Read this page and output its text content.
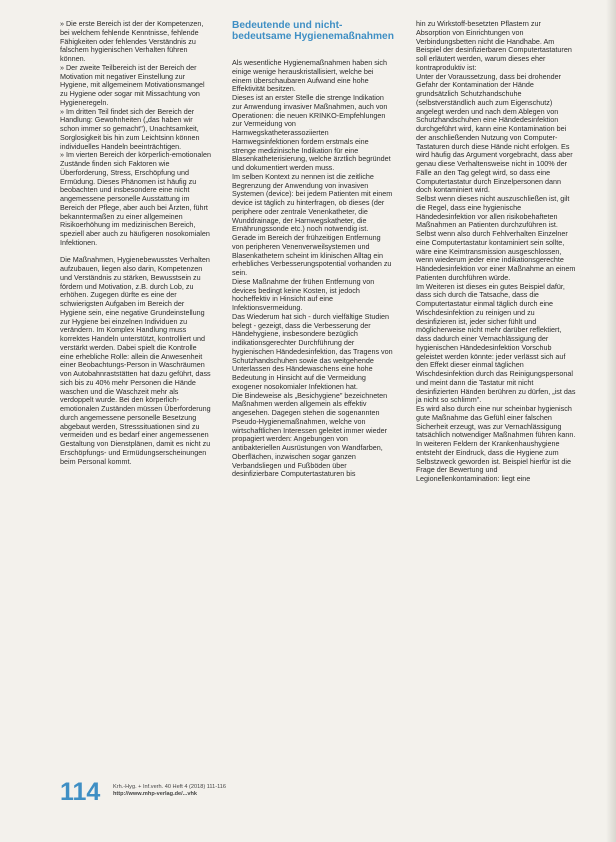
» Die erste Bereich ist der der Kompetenzen, bei welchem fehlende Kenntnisse, fehlende Fähigkeiten oder fehlendes Verständnis zu falschem hygienischen Verhalten führen können.

» Der zweite Teilbereich ist der Bereich der Motivation mit negativer Einstellung zur Hygiene, mit allgemeinem Motivationsmangel zu Hygiene oder sogar mit Missachtung von Hygieneregeln.

» Im dritten Teil findet sich der Bereich der Handlung: Gewohnheiten („das haben wir schon immer so gemacht"), Unachtsamkeit, Sorglosigkeit bis hin zum Leichtsinn können individuelles Handeln beeinträchtigen.

» Im vierten Bereich der körperlich-emotionalen Zustände finden sich Faktoren wie Überforderung, Stress, Erschöpfung und Ermüdung. Dieses Phänomen ist häufig zu beobachten und insbesondere eine nicht angemessene personelle Ausstattung im Bereich der Pflege, aber auch bei Ärzten, führt bekanntermaßen zu einer allgemeinen Risikoerhöhung im medizinischen Bereich, speziell aber auch zu häufigeren nosokomialen Infektionen.

Die Maßnahmen, Hygienebewusstes Verhalten aufzubauen, liegen also darin, Kompetenzen und Verständnis zu stärken, Bewusstsein zu fördern und Motivation, z.B. durch Lob, zu erhöhen. Zugegen dürfte es eine der schwierigsten Aufgaben im Bereich der Hygiene sein, eine negative Grundeinstellung zur Hygiene bei einzelnen Individuen zu verändern. Im Komplex Handlung muss korrektes Handeln unterstützt, kontrolliert und verstärkt werden. Dabei spielt die Kontrolle eine erhebliche Rolle: allein die Anwesenheit einer Beobachtungs-Person in Waschräumen von Autobahnraststätten hat dazu geführt, dass sich bis zu 40% mehr Personen die Hände waschen und die Waschzeit mehr als verdoppelt wurde. Bei den körperlich-emotionalen Zuständen müssen Überforderung durch angemessene personelle Besetzung abgebaut werden, Stresssituationen sind zu vermeiden und es bedarf einer angemessenen Gestaltung von Dienstplänen, damit es nicht zu Erschöpfungs- und Ermüdungserscheinungen beim Personal kommt.

Bedeutende und nicht-bedeutsame Hygienemaßnahmen

Als wesentliche Hygienemaßnahmen haben sich einige wenige herauskristallisiert, welche bei einem überschaubaren Aufwand eine hohe Effektivität besitzen.

Dieses ist an erster Stelle die strenge Indikation zur Anwendung invasiver Maßnahmen, auch von Operationen: die neuen KRINKO-Empfehlungen zur Vermeidung von Harnwegskatheterassoziierten Harnwegsinfektionen fordern erstmals eine strenge medizinische Indikation für eine Blasenkatheterisierung, welche ärztlich begründet und dokumentiert werden muss.

Im selben Kontext zu nennen ist die zeitliche Begrenzung der Anwendung von invasiven Systemen (device): bei jedem Patienten mit einem device ist täglich zu hinterfragen, ob dieses (der periphere oder zentrale Venenkatheter, die Wunddrainage, der Harnwegskatheter, die Ernährungssonde etc.) noch notwendig ist. Gerade im Bereich der frühzeitigen Entfernung von peripheren Venenverweilsystemen und Blasenkathetern scheint im klinischen Alltag ein erhebliches Verbesserungspotential vorhanden zu sein.

Diese Maßnahme der frühen Entfernung von devices bedingt keine Kosten, ist jedoch hocheffektiv in Hinsicht auf eine Infektionsvermeidung.

Das Wiederum hat sich - durch vielfältige Studien belegt - gezeigt, dass die Verbesserung der Händehygiene, insbesondere bezüglich indikationsgerechter Durchführung der hygienischen Händedesinfektion, das Tragens von Schutzhandschuhen sowie das weitgehende Unterlassen des Händewaschens eine hohe Bedeutung in Hinsicht auf die Vermeidung exogener nosokomialer Infektionen hat.

Die Bindeweise als „Besichygiene" bezeichneten Maßnahmen werden allgemein als effektiv angesehen. Dagegen stehen die sogenannten Pseudo-Hygienemaßnahmen, welche von wirtschaftlichen Interessen geleitet immer wieder propagiert werden: Angebungen von antibakteriellen Ausrüstungen von Wandfarben, Oberflächen, inzwischen sogar ganzen Verbandsliegen und Fußböden über desinfizierbare Computertastaturen bis

hin zu Wirkstoff-besetzten Pflastern zur Absorption von Einrichtungen von Verbindungsbetten nicht die Handhabe. Am Beispiel der desinfizierbaren Computertastaturen soll erläutert werden, warum dieses eher kontraproduktiv ist:

Unter der Voraussetzung, dass bei drohender Gefahr der Kontamination der Hände grundsätzlich Schutzhandschuhe (selbstverständlich auch zum Eigenschutz) angelegt werden und nach dem Ablegen von Schutzhandschuhen eine Händedesinfektion durchgeführt wird, kann eine Kontamination bei der anschließenden Nutzung von Computer-Tastaturen durch diese Hände nicht erfolgen. Es wird häufig das Argument vorgebracht, dass aber genau diese Verhaltensweise nicht in 100% der Fälle an den Tag gelegt wird, so dass eine Computertastatur durch Einzelpersonen dann doch kontaminiert wird.

Selbst wenn dieses nicht auszuschließen ist, gilt die Regel, dass eine hygienische Händedesinfektion vor allen risikobehafteten Maßnahmen an Patienten durchzuführen ist. Selbst wenn also durch Fehlverhalten Einzelner eine Computertastatur kontaminiert sein sollte, wäre eine Keimtransmission ausgeschlossen, wenn wiederum jeder eine indikationsgerechte Händedesinfektion vor einer Maßnahme an einem Patienten durchführen würde.

Im Weiteren ist dieses ein gutes Beispiel dafür, dass sich durch die Tatsache, dass die Computertastatur einmal täglich durch eine Wischdesinfektion zu reinigen und zu desinfizieren ist, jeder sicher fühlt und möglicherweise nicht mehr darüber reflektiert, dass dadurch einer Vernachlässigung der hygienischen Händedesinfektion Vorschub geleistet werden könnte: jeder verlässt sich auf den Effekt dieser einmal täglichen Wischdesinfektion durch das Reinigungspersonal und meint dann die Tastatur mit nicht desinfizierten Händen berühren zu dürfen, „ist das ja nicht so schlimm".

Es wird also durch eine nur scheinbar hygienisch gute Maßnahme das Gefühl einer falschen Sicherheit erzeugt, was zur Vernachlässigung tatsächlich notwendiger Maßnahmen führen kann.

In weiteren Feldern der Krankenhaushygiene entsteht der Eindruck, dass die Hygiene zum Selbstzweck geworden ist. Beispiel hierfür ist die Frage der Bewertung und Legionellenkontamination: liegt eine

114 Krh.-Hyg. + Inf.verh. 40 Heft 4 (2018) 111-116
http://www.mhp-verlag.de/...vhk
